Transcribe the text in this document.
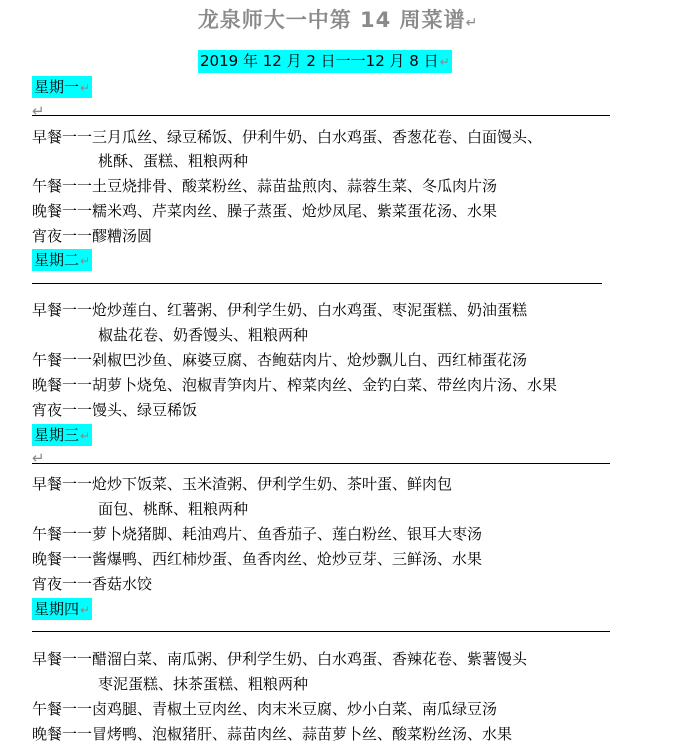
龙泉师大一中第 14 周菜谱↵
2019 年 12 月 2 日一一12 月 8 日↵
星期一↵
↵
早餐一一三月瓜丝、绿豆稀饭、伊利牛奶、白水鸡蛋、香葱花卷、白面馒头、
桃酥、蛋糕、粗粮两种
午餐一一土豆烧排骨、酸菜粉丝、蒜苗盐煎肉、蒜蓉生菜、冬瓜肉片汤
晚餐一一糯米鸡、芹菜肉丝、臊子蒸蛋、炝炒凤尾、紫菜蛋花汤、水果
宵夜一一醪糟汤圆
星期二↵
早餐一一炝炒莲白、红薯粥、伊利学生奶、白水鸡蛋、枣泥蛋糕、奶油蛋糕
椒盐花卷、奶香馒头、粗粮两种
午餐一一剁椒巴沙鱼、麻婆豆腐、杏鲍菇肉片、炝炒飘儿白、西红柿蛋花汤
晚餐一一胡萝卜烧兔、泡椒青笋肉片、榨菜肉丝、金钓白菜、带丝肉片汤、水果
宵夜一一馒头、绿豆稀饭
星期三↵
↵
早餐一一炝炒下饭菜、玉米渣粥、伊利学生奶、茶叶蛋、鲜肉包
面包、桃酥、粗粮两种
午餐一一萝卜烧猪脚、耗油鸡片、鱼香茄子、莲白粉丝、银耳大枣汤
晚餐一一酱爆鸭、西红柿炒蛋、鱼香肉丝、炝炒豆芽、三鲜汤、水果
宵夜一一香菇水饺
星期四↵
早餐一一醋溜白菜、南瓜粥、伊利学生奶、白水鸡蛋、香辣花卷、紫薯馒头
枣泥蛋糕、抹茶蛋糕、粗粮两种
午餐一一卤鸡腿、青椒土豆肉丝、肉末米豆腐、炒小白菜、南瓜绿豆汤
晚餐一一冒烤鸭、泡椒猪肝、蒜苗肉丝、蒜苗萝卜丝、酸菜粉丝汤、水果
